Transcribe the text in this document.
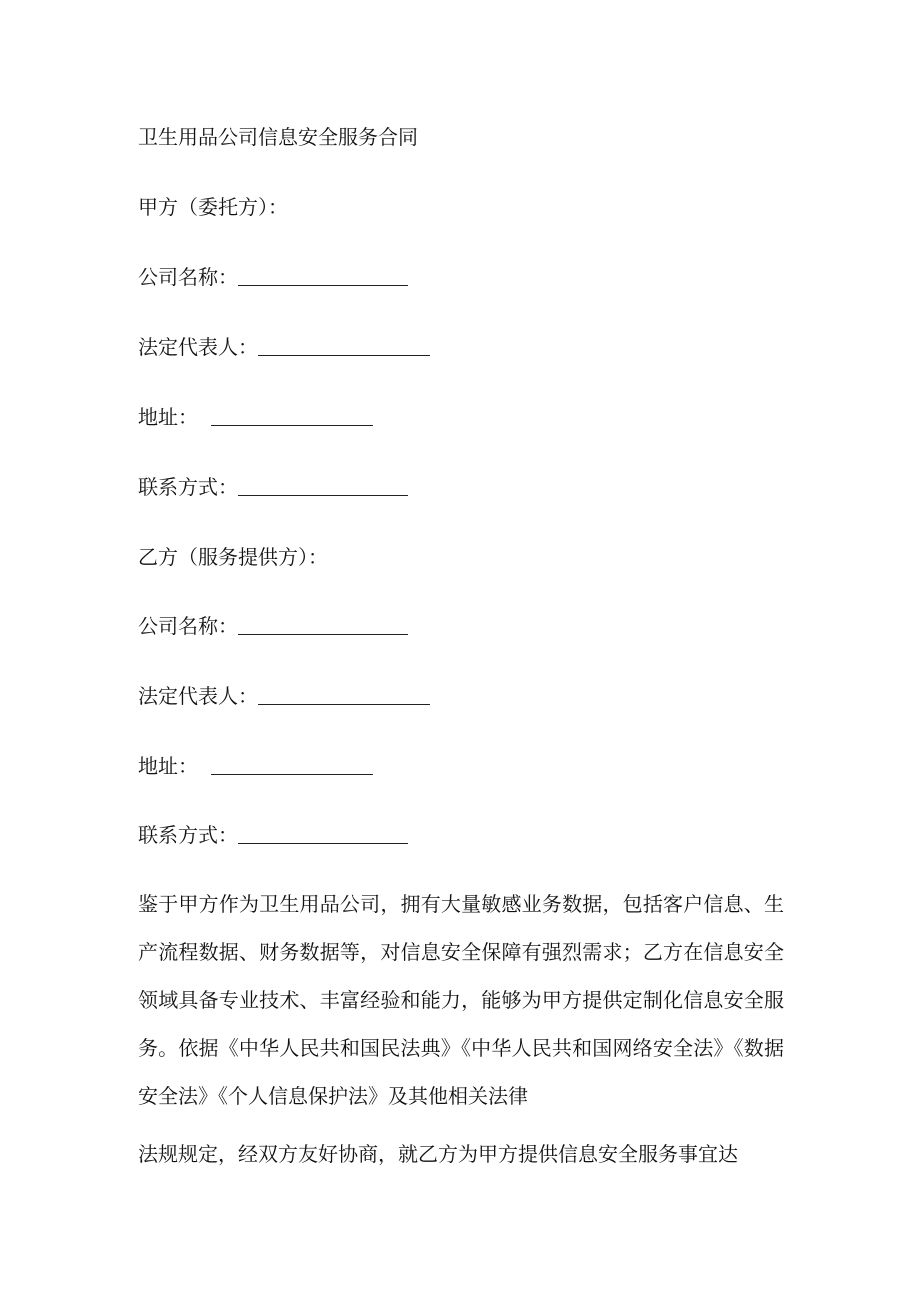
卫生用品公司信息安全服务合同
甲方（委托方）：
公司名称：
法定代表人：
地址：
联系方式：
乙方（服务提供方）：
公司名称：
法定代表人：
地址：
联系方式：
鉴于甲方作为卫生用品公司，拥有大量敏感业务数据，包括客户信息、生产流程数据、财务数据等，对信息安全保障有强烈需求；乙方在信息安全领域具备专业技术、丰富经验和能力，能够为甲方提供定制化信息安全服务。依据《中华人民共和国民法典》《中华人民共和国网络安全法》《数据安全法》《个人信息保护法》及其他相关法律
法规规定，经双方友好协商，就乙方为甲方提供信息安全服务事宜达
